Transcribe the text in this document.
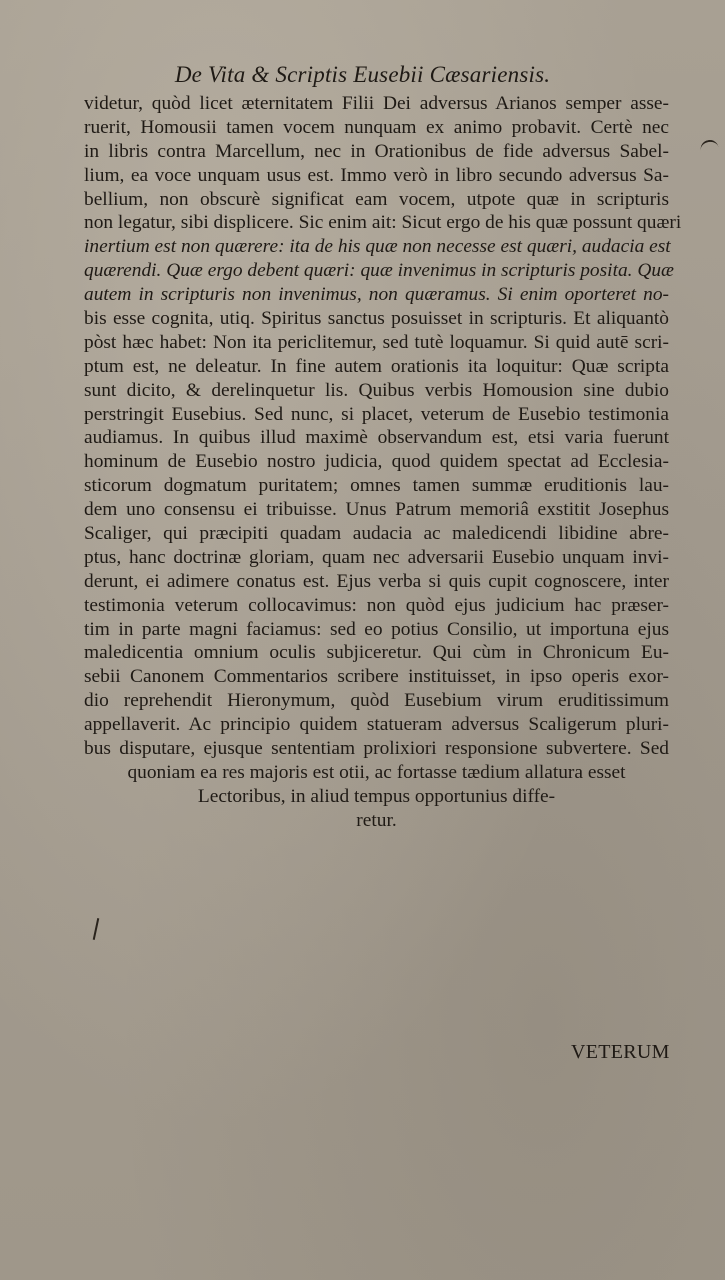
De Vita & Scriptis Eusebii Cæsariensis.
videtur, quòd licet æternitatem Filii Dei adversus Arianos semper asse-
ruerit, Homousii tamen vocem nunquam ex animo probavit. Certè nec
in libris contra Marcellum, nec in Orationibus de fide adversus Sabel-
lium, ea voce unquam usus est. Immo verò in libro secundo adversus Sa-
bellium, non obscurè significat eam vocem, utpote quæ in scripturis
non legatur, sibi displicere. Sic enim ait: Sicut ergo de his quæ possunt quæri
inertium est non quærere: ita de his quæ non necesse est quæri, audacia est
quærendi. Quæ ergo debent quæri: quæ invenimus in scripturis posita. Quæ
autem in scripturis non invenimus, non quæramus. Si enim oporteret no-
bis esse cognita, utiq. Spiritus sanctus posuisset in scripturis. Et aliquantò
pòst hæc habet: Non ita periclitemur, sed tutè loquamur. Si quid autē scri-
ptum est, ne deleatur. In fine autem orationis ita loquitur: Quæ scripta
sunt dicito, & derelinquetur lis. Quibus verbis Homousion sine dubio
perstringit Eusebius. Sed nunc, si placet, veterum de Eusebio testimonia
audiamus. In quibus illud maximè observandum est, etsi varia fuerunt
hominum de Eusebio nostro judicia, quod quidem spectat ad Ecclesia-
sticorum dogmatum puritatem; omnes tamen summæ eruditionis lau-
dem uno consensu ei tribuisse. Unus Patrum memoriâ exstitit Josephus
Scaliger, qui præcipiti quadam audacia ac maledicendi libidine abre-
ptus, hanc doctrinæ gloriam, quam nec adversarii Eusebio unquam invi-
derunt, ei adimere conatus est. Ejus verba si quis cupit cognoscere, inter
testimonia veterum collocavimus: non quòd ejus judicium hac præser-
tim in parte magni faciamus: sed eo potius Consilio, ut importuna ejus
maledicentia omnium oculis subjiceretur. Qui cùm in Chronicum Eu-
sebii Canonem Commentarios scribere instituisset, in ipso operis exor-
dio reprehendit Hieronymum, quòd Eusebium virum eruditissimum
appellaverit. Ac principio quidem statueram adversus Scaligerum pluri-
bus disputare, ejusque sententiam prolixiori responsione subvertere. Sed
quoniam ea res majoris est otii, ac fortasse tædium allatura esset
Lectoribus, in aliud tempus opportunius diffe-
retur.
VETERUM
